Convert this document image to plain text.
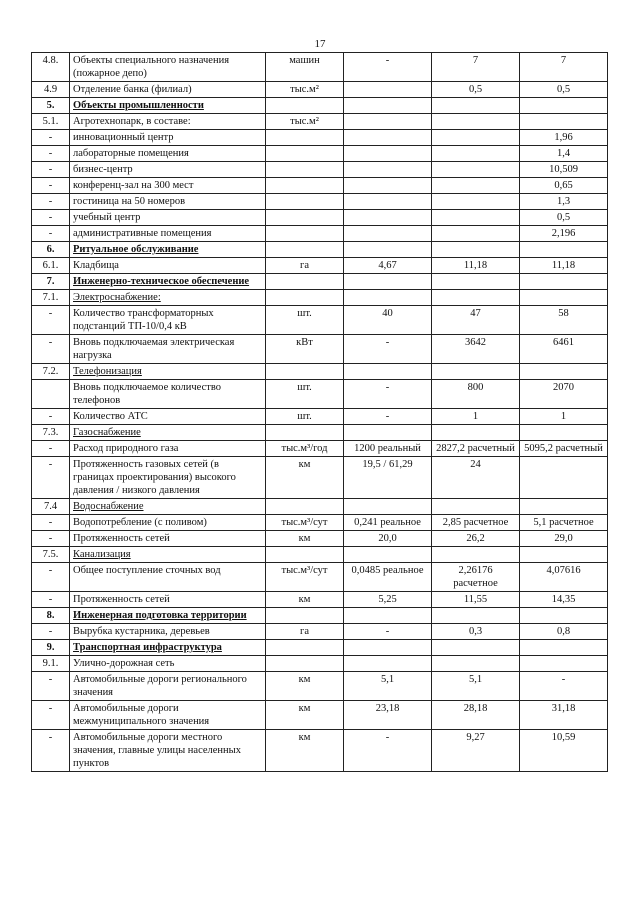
17
4.8.	Объекты специального назначения (пожарное депо)	машин	-	7	7
4.9	Отделение банка (филиал)	тыс.м²		0,5	0,5
5.	Объекты промышленности				
5.1.	Агротехнопарк, в составе:	тыс.м²			
-	инновационный центр				1,96
-	лабораторные помещения				1,4
-	бизнес-центр				10,509
-	конференц-зал на 300 мест				0,65
-	гостиница на 50 номеров				1,3
-	учебный центр				0,5
-	административные помещения				2,196
6.	Ритуальное обслуживание				
6.1.	Кладбища	га	4,67	11,18	11,18
7.	Инженерно-техническое обеспечение				
7.1.	Электроснабжение:				
-	Количество трансформаторных подстанций ТП-10/0,4 кВ	шт.	40	47	58
-	Вновь подключаемая электрическая нагрузка	кВт	-	3642	6461
7.2.	Телефонизация				
	Вновь подключаемое количество телефонов	шт.	-	800	2070
-	Количество АТС	шт.	-	1	1
7.3.	Газоснабжение				
-	Расход природного газа	тыс.м³/год	1200 реальный	2827,2 расчетный	5095,2 расчетный
-	Протяженность газовых сетей (в границах проектирования) высокого давления / низкого давления	км	19,5 / 61,29	24	
7.4	Водоснабжение				
-	Водопотребление (с поливом)	тыс.м³/сут	0,241 реальное	2,85 расчетное	5,1 расчетное
-	Протяженность сетей	км	20,0	26,2	29,0
7.5.	Канализация				
-	Общее поступление сточных вод	тыс.м³/сут	0,0485 реальное	2,26176 расчетное	4,07616
-	Протяженность сетей	км	5,25	11,55	14,35
8.	Инженерная подготовка территории				
-	Вырубка кустарника, деревьев	га	-	0,3	0,8
9.	Транспортная инфраструктура				
9.1.	Улично-дорожная сеть				
-	Автомобильные дороги регионального значения	км	5,1	5,1	-
-	Автомобильные дороги межмуниципального значения	км	23,18	28,18	31,18
-	Автомобильные дороги местного значения, главные улицы населенных пунктов	км	-	9,27	10,59
